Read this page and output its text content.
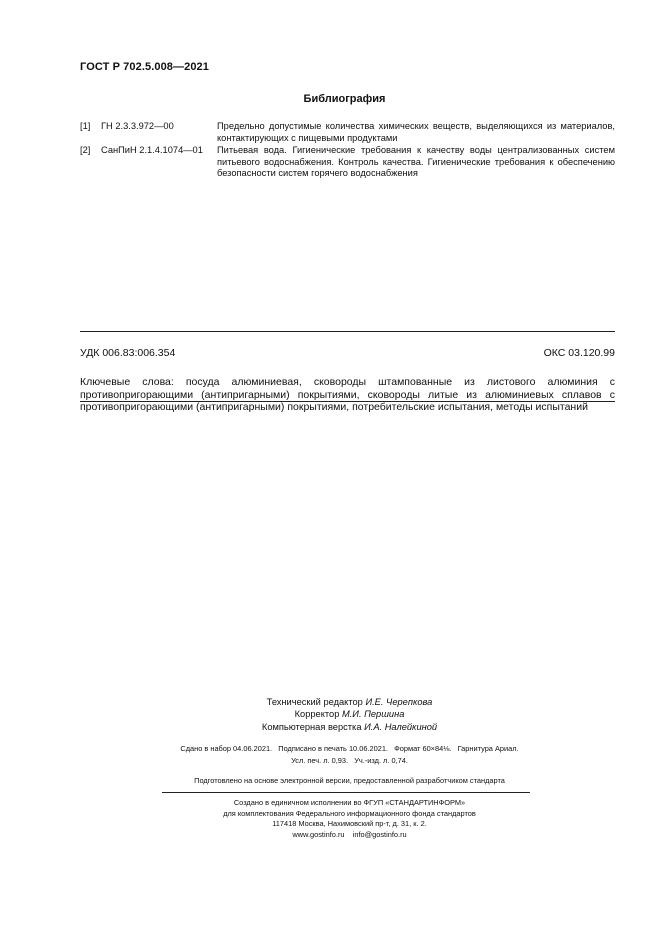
ГОСТ Р 702.5.008—2021
Библиография
[1] ГН 2.3.3.972—00	Предельно допустимые количества химических веществ, выделяющихся из материалов, контактирующих с пищевыми продуктами
[2] СанПиН 2.1.4.1074—01 Питьевая вода. Гигиенические требования к качеству воды централизованных систем питьевого водоснабжения. Контроль качества. Гигиенические требования к обеспечению безопасности систем горячего водоснабжения
УДК 006.83:006.354	ОКС 03.120.99
Ключевые слова: посуда алюминиевая, сковороды штампованные из листового алюминия с противопригорающими (антипригарными) покрытиями, сковороды литые из алюминиевых сплавов с противопригорающими (антипригарными) покрытиями, потребительские испытания, методы испытаний
Технический редактор И.Е. Черепкова
Корректор М.И. Першина
Компьютерная верстка И.А. Налейкиной
Сдано в набор 04.06.2021.   Подписано в печать 10.06.2021.   Формат 60×84⅛.   Гарнитура Ариал.
Усл. печ. л. 0,93.   Уч.-изд. л. 0,74.
Подготовлено на основе электронной версии, предоставленной разработчиком стандарта
Создано в единичном исполнении во ФГУП «СТАНДАРТИНФОРМ»
для комплектования Федерального информационного фонда стандартов
117418 Москва, Нахимовский пр-т, д. 31, к. 2.
www.gostinfo.ru    info@gostinfo.ru
